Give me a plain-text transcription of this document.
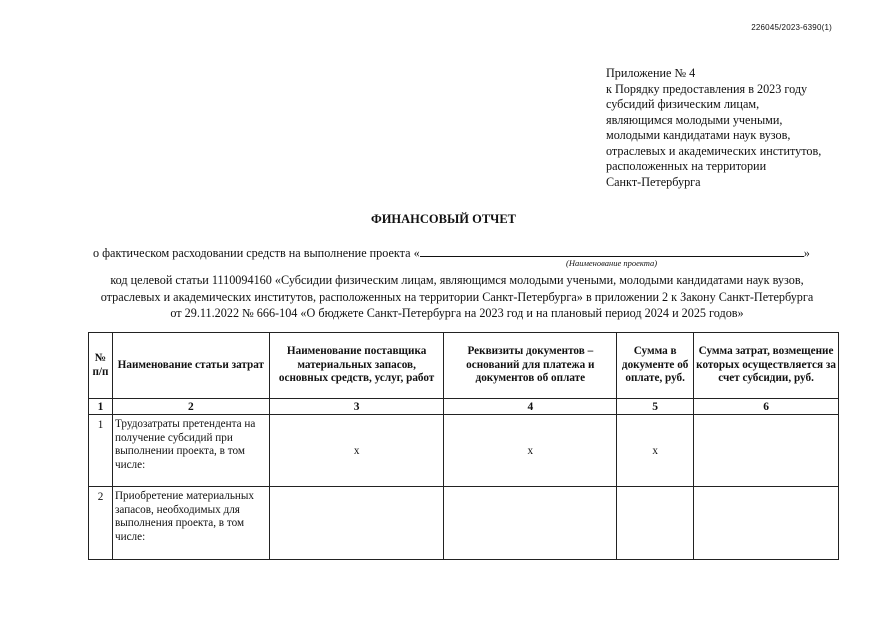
226045/2023-6390(1)
Приложение № 4
к Порядку предоставления в 2023 году
субсидий физическим лицам,
являющимся молодыми учеными,
молодыми кандидатами наук вузов,
отраслевых и академических институтов,
расположенных на территории
Санкт-Петербурга
ФИНАНСОВЫЙ ОТЧЕТ
о фактическом расходовании средств на выполнение проекта «	»
(Наименование проекта)
код целевой статьи 1110094160 «Субсидии физическим лицам, являющимся молодыми учеными, молодыми кандидатами наук вузов,
отраслевых и академических институтов, расположенных на территории Санкт-Петербурга» в приложении 2 к Закону Санкт-Петербурга
от 29.11.2022 № 666-104 «О бюджете Санкт-Петербурга на 2023 год и на плановый период 2024 и 2025 годов»
№ п/п	Наименование статьи затрат	Наименование поставщика материальных запасов, основных средств, услуг, работ	Реквизиты документов – оснований для платежа и документов об оплате	Сумма в документе об оплате, руб.	Сумма затрат, возмещение которых осуществляется за счет субсидии, руб.
1	2	3	4	5	6
1	Трудозатраты претендента на получение субсидий при выполнении проекта, в том числе:	x	x	x	
2	Приобретение материальных запасов, необходимых для выполнения проекта, в том числе:				
